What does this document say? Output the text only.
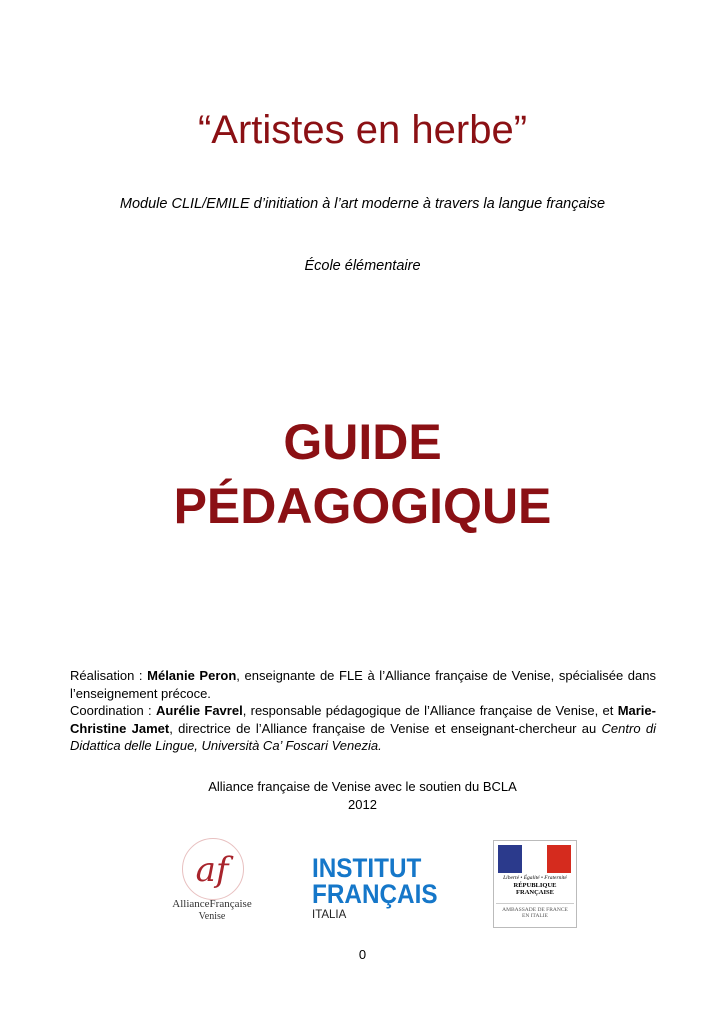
“Artistes en herbe”
Module CLIL/EMILE d’initiation à l’art moderne à travers la langue française
École élémentaire
GUIDE
PÉDAGOGIQUE

Réalisation : Mélanie Peron, enseignante de FLE à l’Alliance française de Venise, spécialisée dans l’enseignement précoce.

Coordination : Aurélie Favrel, responsable pédagogique de l’Alliance française de Venise, et Marie-Christine Jamet, directrice de l’Alliance française de Venise et enseignant-chercheur au Centro di Didattica delle Lingue, Università Ca’ Foscari Venezia.

Alliance française de Venise avec le soutien du BCLA
2012
af
AllianceFrançaise
Venise
INSTITUT
FRANÇAIS
ITALIA
Liberté • Égalité • Fraternité
RÉPUBLIQUE FRANÇAISE
AMBASSADE DE FRANCE
EN ITALIE
0
